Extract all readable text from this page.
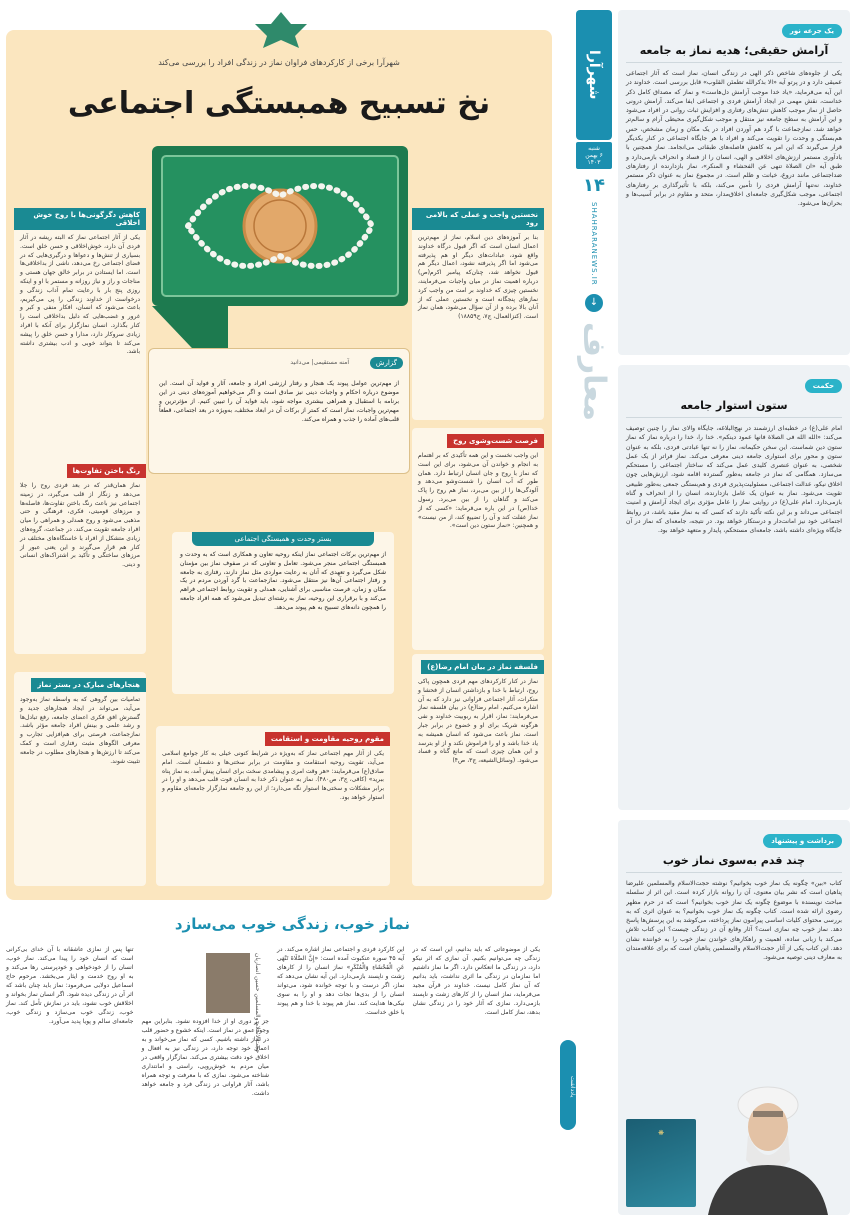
یک جرعه نور
آرامش حقیقی؛ هدیه نماز به جامعه

یکی از جلوه‌های شاخص ذکر الهی در زندگی انسان، نماز است که آثار اجتماعی عمیقی دارد و در پرتو آیه «الا بذکرالله تطمئن القلوب» قابل بررسی است. خداوند در این آیه می‌فرماید، «یاد خدا موجب آرامش دل‌هاست» و نماز که مصداق کامل ذکر خداست، نقش مهمی در ایجاد آرامش فردی و اجتماعی ایفا می‌کند. آرامش درونی حاصل از نماز موجب کاهش تنش‌های رفتاری و افزایش ثبات روانی در افراد می‌شود و این آرامش به سطح جامعه نیز منتقل و موجب شکل‌گیری محیطی آرام و سالم‌تر خواهد شد. نمازجماعت با گرد هم آوردن افراد در یک مکان و زمان مشخص، حس هم‌بستگی و وحدت را تقویت می‌کند و افراد با هر جایگاه اجتماعی در کنار یکدیگر قرار می‌گیرند که این امر به کاهش فاصله‌های طبقاتی می‌انجامد. نماز همچنین با یادآوری مستمر ارزش‌های اخلاقی و الهی، انسان را از فساد و انحراف بازمی‌دارد و طبق آیه «ان الصلاة تنهی عن الفحشاء و المنکر»، نماز بازدارنده از رفتارهای ضداجتماعی مانند دروغ، خیانت و ظلم است. در مجموع نماز به عنوان ذکر مستمر خداوند، نه‌تنها آرامش فردی را تأمین می‌کند، بلکه با تأثیرگذاری بر رفتارهای اجتماعی، موجب شکل‌گیری جامعه‌ای اخلاق‌مدار، متحد و مقاوم در برابر آسیب‌ها و بحران‌ها می‌شود.

حکمت
ستون استوار جامعه

امام علی(ع) در خطبه‌ای ارزشمند در نهج‌البلاغه، جایگاه والای نماز را چنین توصیف می‌کند: «الله الله فی الصلاة فانها عمود دینکم». خدا را، خدا را درباره نماز که نماز ستون دین شماست. این سخن حکیمانه، نماز را نه تنها عبادتی فردی، بلکه به عنوان ستون و محور برای استواری جامعه دینی معرفی می‌کند. نماز فراتر از یک عمل شخصی، به عنوان عنصری کلیدی عمل می‌کند که ساختار اجتماعی را مستحکم می‌سازد. همگامی که نماز در جامعه به‌طور گسترده اقامه شود، ارزش‌هایی چون اخلاق نیکو، عدالت اجتماعی، مسئولیت‌پذیری فردی و هم‌بستگی جمعی به‌طور طبیعی تقویت می‌شود. نماز به عنوان یک عامل بازدارنده، انسان را از انحراف و گناه بازمی‌دارد. امام علی(ع) در روایتی نماز را عامل مؤثری برای ایجاد آرامش و امنیت اجتماعی می‌داند و بر این نکته تأکید دارند که کسی که به نماز مقید باشد، در روابط اجتماعی خود نیز امانت‌دار و درستکار خواهد بود. در نتیجه، جامعه‌ای که نماز در آن جایگاه ویژه‌ای داشته باشد، جامعه‌ای مستحکم، پایدار و متعهد خواهد بود.

برداشت و پیشنهاد
چند قدم به‌سوی نماز خوب

کتاب «بین» چگونه یک نماز خوب بخوانیم؟ نوشته حجت‌الاسلام والمسلمین علیرضا پناهیان است که نشر بیان معنوی، آن را روانه بازار کرده است. این اثر از سلسله مباحث نویسنده با موضوع چگونه یک نماز خوب بخوانیم؟ است که در حرم مطهر رضوی ارائه شده است. کتاب چگونه یک نماز خوب بخوانیم؟ به عنوان اثری که به بررسی محتوای کلیات اساسی پیرامون نماز پرداخته، می‌کوشد به این پرسش‌ها پاسخ دهد. نماز خوب چه نمازی است؟ آثار وقایع آن در زندگی چیست؟ این کتاب تلاش می‌کند با زبانی ساده، اهمیت و راهکارهای خواندن نماز خوب را به خواننده نشان دهد. این کتاب یکی از آثار حجت‌الاسلام والمسلمین پناهیان است که برای علاقه‌مندان به معارف دینی توصیه می‌شود.

❋
شهرآرا
شنبه
۶ بهمن ۱۴۰۳
۱۴
SHAHRARANEWS.IR
↓
معارف
شهرآرا برخی از کارکردهای فراوان نماز در زندگی افراد را بررسی می‌کند
نخ تسبیح همبستگی اجتماعی
نخستین واجب و عملی که بالامی رود
بنا بر آموزه‌های دین اسلام، نماز از مهم‌ترین اعمال انسان است که اگر قبول درگاه خداوند واقع شود، عبادات‌های دیگر او هم پذیرفته می‌شود اما اگر پذیرفته نشود، اعمال دیگر هم قبول نخواهد شد، چنان‌که پیامبر اکرم(ص) درباره اهمیت نماز در میان واجبات می‌فرمایند، نخستین چیزی که خداوند بر امت من واجب کرد نمازهای پنجگانه است و نخستین عملی که از آنان بالا برده و از آن سؤال می‌شود، همان نماز است. (کنزالعمال، ج۷، ح۱۸۸۵۹)
کاهش دگرگونی‌ها با روح خوش اخلاقی
یکی از آثار اجتماعی نماز که البته ریشه در آثار فردی آن دارد، خوش‌اخلاقی و حسن خلق است. بسیاری از تنش‌ها و دعواها و درگیری‌هایی که در فضای اجتماعی رخ می‌دهد، ناشی از بداخلاقی‌ها است. اما ایستادن در برابر خالق جهان هستی و مناجات و راز و نیاز روزانه و مستمر با او و اینکه روزی پنج بار با رعایت تمام آداب زندگی و درخواست از خداوند زندگی را پی می‌گیریم، باعث می‌شود که انسان، افکار منفی و کبر و غرور و غضب‌هایی که دلیل بداخلاقی است را کنار بگذارد. انسان نمازگزار برای آنکه با افراد زیادی سروکار دارد، مدارا و حسن خلق را پیشه می‌کند تا بتواند خوبی و ادب بیشتری داشته باشد.
گزارش
آمنه مستقیمی‌|‌ می‌دانید
از مهم‌ترین عوامل پیوند یک هنجار و رفتار ارزشی افراد و جامعه، آثار و فواید آن است. این موضوع درباره احکام و واجبات دینی نیز صادق است و اگر می‌خواهیم آموزه‌های دینی در این برنامه با استقبال و همراهی بیشتری مواجه شود، باید فواید آن را تبیین کنیم. از مؤثرترین و مهم‌ترین واجبات، نماز است که کمتر از برکات آن در ابعاد مختلف، به‌ویژه در بعد اجتماعی، قطعاً قلب‌های آماده را جذب و همراه می‌کند.
فرصت شست‌وشوی روح
این واجب نخست و این همه تأکیدی که بر اهتمام به انجام و خواندن آن می‌شود، برای این است که نماز با روح و جان انسان ارتباط دارد. همان طور که آب انسان را شست‌وشو می‌دهد و آلودگی‌ها را از بین می‌برد، نماز هم روح را پاک می‌کند و گناهان را از بین می‌برد. رسول خدا(ص) در این باره می‌فرماید: «کسی که از نماز غفلت کند و آن را تضییع کند، از من نیست» و همچنین: «نماز ستون دین است».
رنگ باختن تفاوت‌ها
نماز همان‌قدر که در بعد فردی روح را جلا می‌دهد و زنگار از قلب می‌گیرد، در زمینه اجتماعی نیز باعث رنگ باختن تفاوت‌ها، فاصله‌ها و مرزهای قومیتی، فکری، فرهنگی و حتی مذهبی می‌شود و روح همدلی و همراهی را میان افراد جامعه تقویت می‌کند. در جماعت، گروه‌های زیادی متشکل از افراد با خاستگاه‌های مختلف در کنار هم قرار می‌گیرند و این یعنی عبور از مرزهای ساختگی و تأکید بر اشتراک‌های انسانی و دینی.
بستر وحدت و همبستگی اجتماعی
از مهم‌ترین برکات اجتماعی نماز اینکه روحیه تعاون و همکاری است که به وحدت و همبستگی اجتماعی منجر می‌شود. تعامل و تعاونی که در صفوف نماز بین مؤمنان شکل می‌گیرد و تعهدی که آنان به رعایت مواردی مثل نماز دارند، رفتاری به جامعه و رفتار اجتماعی آن‌ها نیز منتقل می‌شود. نمازجماعت با گرد آوردن مردم در یک مکان و زمان، فرصت مناسبی برای آشنایی، همدلی و تقویت روابط اجتماعی فراهم می‌کند و با برقراری این روحیه، نماز به رشته‌ای تبدیل می‌شود که همه افراد جامعه را همچون دانه‌های تسبیح به هم پیوند می‌دهد.
هنجارهای مبارک در بستر نماز
تمامیات بین گروهی که به واسطه نماز به‌وجود می‌آید، می‌تواند در ایجاد هنجارهای جدید و گسترش افق فکری اعضای جامعه، رفع تبادل‌ها و رشد علمی و بینش افراد جامعه مؤثر باشد. نمازجماعت، فرصتی برای هم‌افزایی تجارب و معرفی الگوهای مثبت رفتاری است و کمک می‌کند تا ارزش‌ها و هنجارهای مطلوب در جامعه تثبیت شوند.
مقوم روحیه مقاومت و استقامت
یکی از آثار مهم اجتماعی نماز که به‌ویژه در شرایط کنونی خیلی به کار جوامع اسلامی می‌آید، تقویت روحیه استقامت و مقاومت در برابر سختی‌ها و دشمنان است. امام صادق(ع) می‌فرمایند: «هر وقت امری و پیشامدی سخت برای انسان پیش آمد، به نماز پناه ببرید» (کافی، ج۳، ص۴۸۰). نماز به عنوان ذکر خدا به انسان قوت قلب می‌دهد و او را در برابر مشکلات و سختی‌ها استوار نگه می‌دارد؛ از این رو جامعه نمازگزار جامعه‌ای مقاوم و استوار خواهد بود.
فلسفه نماز در بیان امام رضا(ع)
نماز در کنار کارکردهای مهم فردی همچون پاکی روح، ارتباط با خدا و بازداشتن انسان از فحشا و منکرات، آثار اجتماعی فراوانی نیز دارد که به آن اشاره می‌کنیم. امام رضا(ع) در بیان فلسفه نماز می‌فرمایند: نماز، اقرار به ربوبیت خداوند و نفی هرگونه شریک برای او و خضوع در برابر جبار است. نماز باعث می‌شود که انسان همیشه به یاد خدا باشد و او را فراموش نکند و از او بترسد و این همان چیزی است که مانع گناه و فساد می‌شود. (وسائل‌الشیعه، ج۳، ص۴)
یادداشت
نماز خوب، زندگی خوب می‌سازد
حجت‌الاسلام والمسلمین حسین انصاریان
یکی از موضوعاتی که باید بدانیم، این است که در زندگی چه می‌توانیم بکنیم. آن نمازی که اثر نیکو دارد، در زندگی ما انعکاس دارد. اگر ما نماز داشتیم اما نمازمان در زندگی ما اثری نداشت، باید بدانیم که آن نماز کامل نیست. خداوند در قرآن مجید می‌فرماید، نماز انسان را از کارهای زشت و ناپسند بازمی‌دارد. نمازی که آثار خود را در زندگی نشان بدهد، نماز کامل است.
این کارکرد فردی و اجتماعی نماز اشاره می‌کند. در آیه ۴۵ سوره عنکبوت آمده است: «إِنَّ الصَّلَاةَ تَنْهَی عَنِ الْفَحْشَاءِ وَالْمُنْكَرِ» نماز انسان را از کارهای زشت و ناپسند بازمی‌دارد. این آیه نشان می‌دهد که نماز، اگر درست و با توجه خوانده شود، می‌تواند انسان را از بدی‌ها نجات دهد و او را به سوی نیکی‌ها هدایت کند. نماز هم پیوند با خدا و هم پیوند با خلق خداست.
جز بر دوری او از خدا افزوده نشود. بنابراین مهم وجود عمق در نماز است. اینکه خشوع و حضور قلب در نماز داشته باشیم. کسی که نماز می‌خواند و به اعمال خود توجه دارد، در زندگی نیز به افعال و اخلاق خود دقت بیشتری می‌کند. نمازگزار واقعی در میان مردم به خوش‌رویی، راستی و امانتداری شناخته می‌شود. نمازی که با معرفت و توجه همراه باشد، آثار فراوانی در زندگی فرد و جامعه خواهد داشت.
تنها پس از نمازی عاشقانه با آن خدای بی‌کرانی است که انسان خود را پیدا می‌کند. نماز خوب، انسان را از خودخواهی و خودپرستی رها می‌کند و به او روح خدمت و ایثار می‌بخشد. مرحوم حاج اسماعیل دولابی می‌فرمود: نماز باید چنان باشد که اثر آن در زندگی دیده شود. اگر انسان نماز بخواند و اخلاقش خوب نشود، باید در نمازش تأمل کند. نماز خوب، زندگی خوب می‌سازد و زندگی خوب، جامعه‌ای سالم و پویا پدید می‌آورد.
